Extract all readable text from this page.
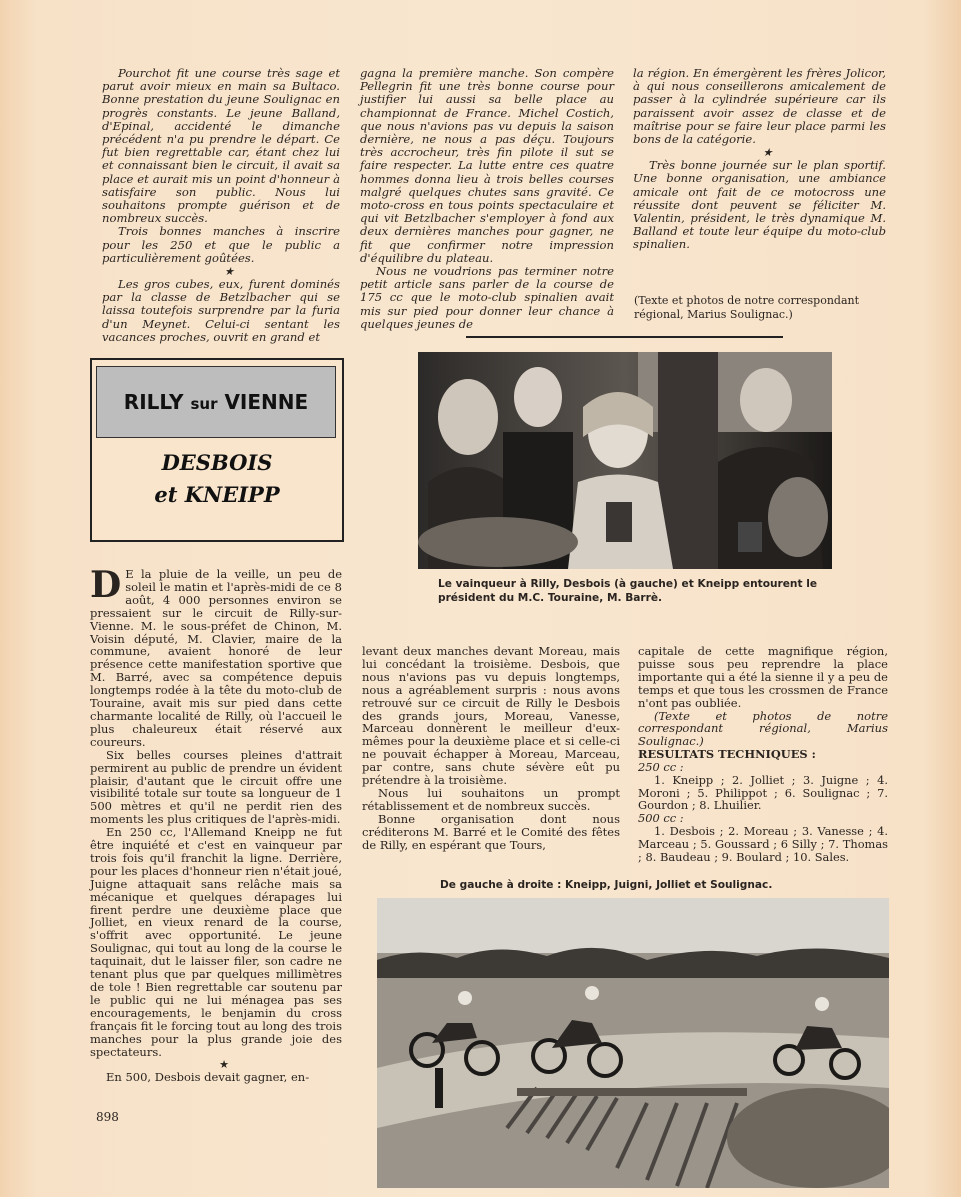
Pourchot fit une course très sage et parut avoir mieux en main sa Bultaco. Bonne prestation du jeune Soulignac en progrès constants. Le jeune Balland, d'Epinal, accidenté le dimanche précédent n'a pu prendre le départ. Ce fut bien regrettable car, étant chez lui et connaissant bien le circuit, il avait sa place et aurait mis un point d'honneur à satisfaire son public. Nous lui souhaitons prompte guérison et de nombreux succès.

Trois bonnes manches à inscrire pour les 250 et que le public a particulièrement goûtées.

★

Les gros cubes, eux, furent dominés par la classe de Betzlbacher qui se laissa toutefois surprendre par la furia d'un Meynet. Celui-ci sentant les vacances proches, ouvrit en grand et

gagna la première manche. Son compère Pellegrin fit une très bonne course pour justifier lui aussi sa belle place au championnat de France. Michel Costich, que nous n'avions pas vu depuis la saison dernière, ne nous a pas déçu. Toujours très accrocheur, très fin pilote il sut se faire respecter. La lutte entre ces quatre hommes donna lieu à trois belles courses malgré quelques chutes sans gravité. Ce moto-cross en tous points spectaculaire et qui vit Betzlbacher s'employer à fond aux deux dernières manches pour gagner, ne fit que confirmer notre impression d'équilibre du plateau.

Nous ne voudrions pas terminer notre petit article sans parler de la course de 175 cc que le moto-club spinalien avait mis sur pied pour donner leur chance à quelques jeunes de

la région. En émergèrent les frères Jolicor, à qui nous conseillerons amicalement de passer à la cylindrée supérieure car ils paraissent avoir assez de classe et de maîtrise pour se faire leur place parmi les bons de la catégorie.

★

Très bonne journée sur le plan sportif. Une bonne organisation, une ambiance amicale ont fait de ce motocross une réussite dont peuvent se féliciter M. Valentin, président, le très dynamique M. Balland et toute leur équipe du moto-club spinalien.

(Texte et photos de notre correspondant régional, Marius Soulignac.)
RILLY sur VIENNE
DESBOIS
et KNEIPP
Le vainqueur à Rilly, Desbois (à gauche) et Kneipp entourent le président du M.C. Touraine, M. Barrè.

D E la pluie de la veille, un peu de soleil le matin et l'après-midi de ce 8 août, 4 000 personnes environ se pressaient sur le circuit de Rilly-sur-Vienne. M. le sous-préfet de Chinon, M. Voisin député, M. Clavier, maire de la commune, avaient honoré de leur présence cette manifestation sportive que M. Barré, avec sa compétence depuis longtemps rodée à la tête du moto-club de Touraine, avait mis sur pied dans cette charmante localité de Rilly, où l'accueil le plus chaleureux était réservé aux coureurs.

Six belles courses pleines d'attrait permirent au public de prendre un évident plaisir, d'autant que le circuit offre une visibilité totale sur toute sa longueur de 1 500 mètres et qu'il ne perdit rien des moments les plus critiques de l'après-midi.

En 250 cc, l'Allemand Kneipp ne fut être inquiété et c'est en vainqueur par trois fois qu'il franchit la ligne. Derrière, pour les places d'honneur rien n'était joué, Juigne attaquait sans relâche mais sa mécanique et quelques dérapages lui firent perdre une deuxième place que Jolliet, en vieux renard de la course, s'offrit avec opportunité. Le jeune Soulignac, qui tout au long de la course le taquinait, dut le laisser filer, son cadre ne tenant plus que par quelques millimètres de tole ! Bien regrettable car soutenu par le public qui ne lui ménagea pas ses encouragements, le benjamin du cross français fit le forcing tout au long des trois manches pour la plus grande joie des spectateurs.

★

En 500, Desbois devait gagner, en-

levant deux manches devant Moreau, mais lui concédant la troisième. Desbois, que nous n'avions pas vu depuis longtemps, nous a agréablement surpris : nous avons retrouvé sur ce circuit de Rilly le Desbois des grands jours, Moreau, Vanesse, Marceau donnèrent le meilleur d'eux-mêmes pour la deuxième place et si celle-ci ne pouvait échapper à Moreau, Marceau, par contre, sans chute sévère eût pu prétendre à la troisième.

Nous lui souhaitons un prompt rétablissement et de nombreux succès.

Bonne organisation dont nous créditerons M. Barré et le Comité des fêtes de Rilly, en espérant que Tours,

capitale de cette magnifique région, puisse sous peu reprendre la place importante qui a été la sienne il y a peu de temps et que tous les crossmen de France n'ont pas oubliée.

(Texte et photos de notre correspondant régional, Marius Soulignac.)

RESULTATS TECHNIQUES :

250 cc :

1. Kneipp ; 2. Jolliet ; 3. Juigne ; 4. Moroni ; 5. Philippot ; 6. Soulignac ; 7. Gourdon ; 8. Lhuilier.

500 cc :

1. Desbois ; 2. Moreau ; 3. Vanesse ; 4. Marceau ; 5. Goussard ; 6 Silly ; 7. Thomas ; 8. Baudeau ; 9. Boulard ; 10. Sales.

De gauche à droite : Kneipp, Juigni, Jolliet et Soulignac.
898
